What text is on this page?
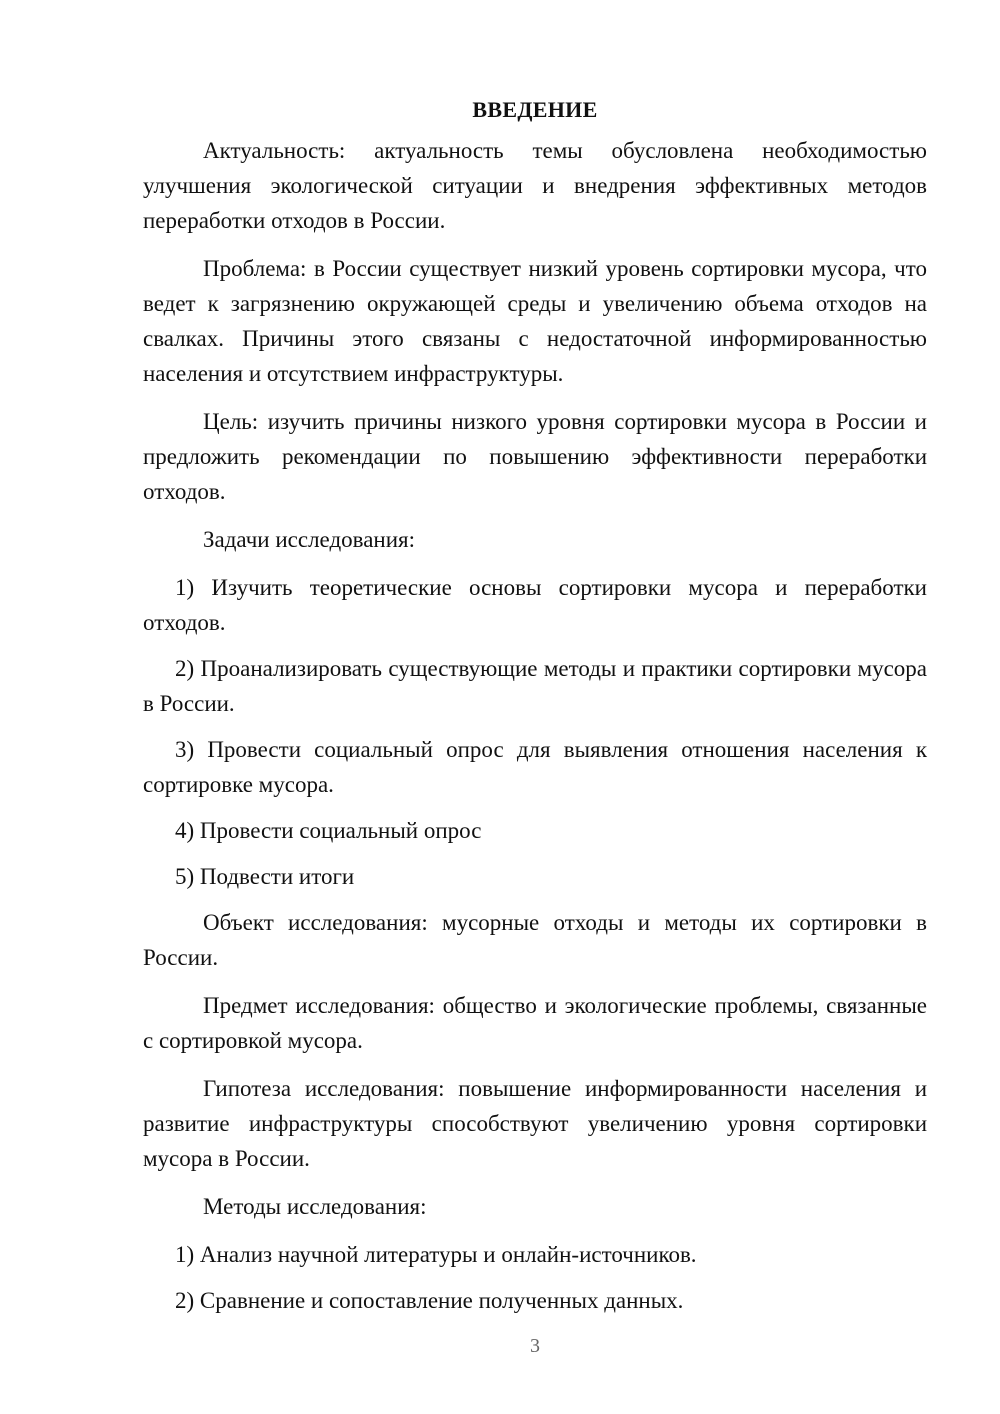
ВВЕДЕНИЕ

Актуальность: актуальность темы обусловлена необходимостью улучшения экологической ситуации и внедрения эффективных методов переработки отходов в России.

Проблема: в России существует низкий уровень сортировки мусора, что ведет к загрязнению окружающей среды и увеличению объема отходов на свалках. Причины этого связаны с недостаточной информированностью населения и отсутствием инфраструктуры.

Цель: изучить причины низкого уровня сортировки мусора в России и предложить рекомендации по повышению эффективности переработки отходов.

Задачи исследования:

1) Изучить теоретические основы сортировки мусора и переработки отходов.

2) Проанализировать существующие методы и практики сортировки мусора в России.

3) Провести социальный опрос для выявления отношения населения к сортировке мусора.

4) Провести социальный опрос

5) Подвести итоги

Объект исследования: мусорные отходы и методы их сортировки в России.

Предмет исследования: общество и экологические проблемы, связанные с сортировкой мусора.

Гипотеза исследования: повышение информированности населения и развитие инфраструктуры способствуют увеличению уровня сортировки мусора в России.

Методы исследования:

1) Анализ научной литературы и онлайн-источников.

2) Сравнение и сопоставление полученных данных.

3
